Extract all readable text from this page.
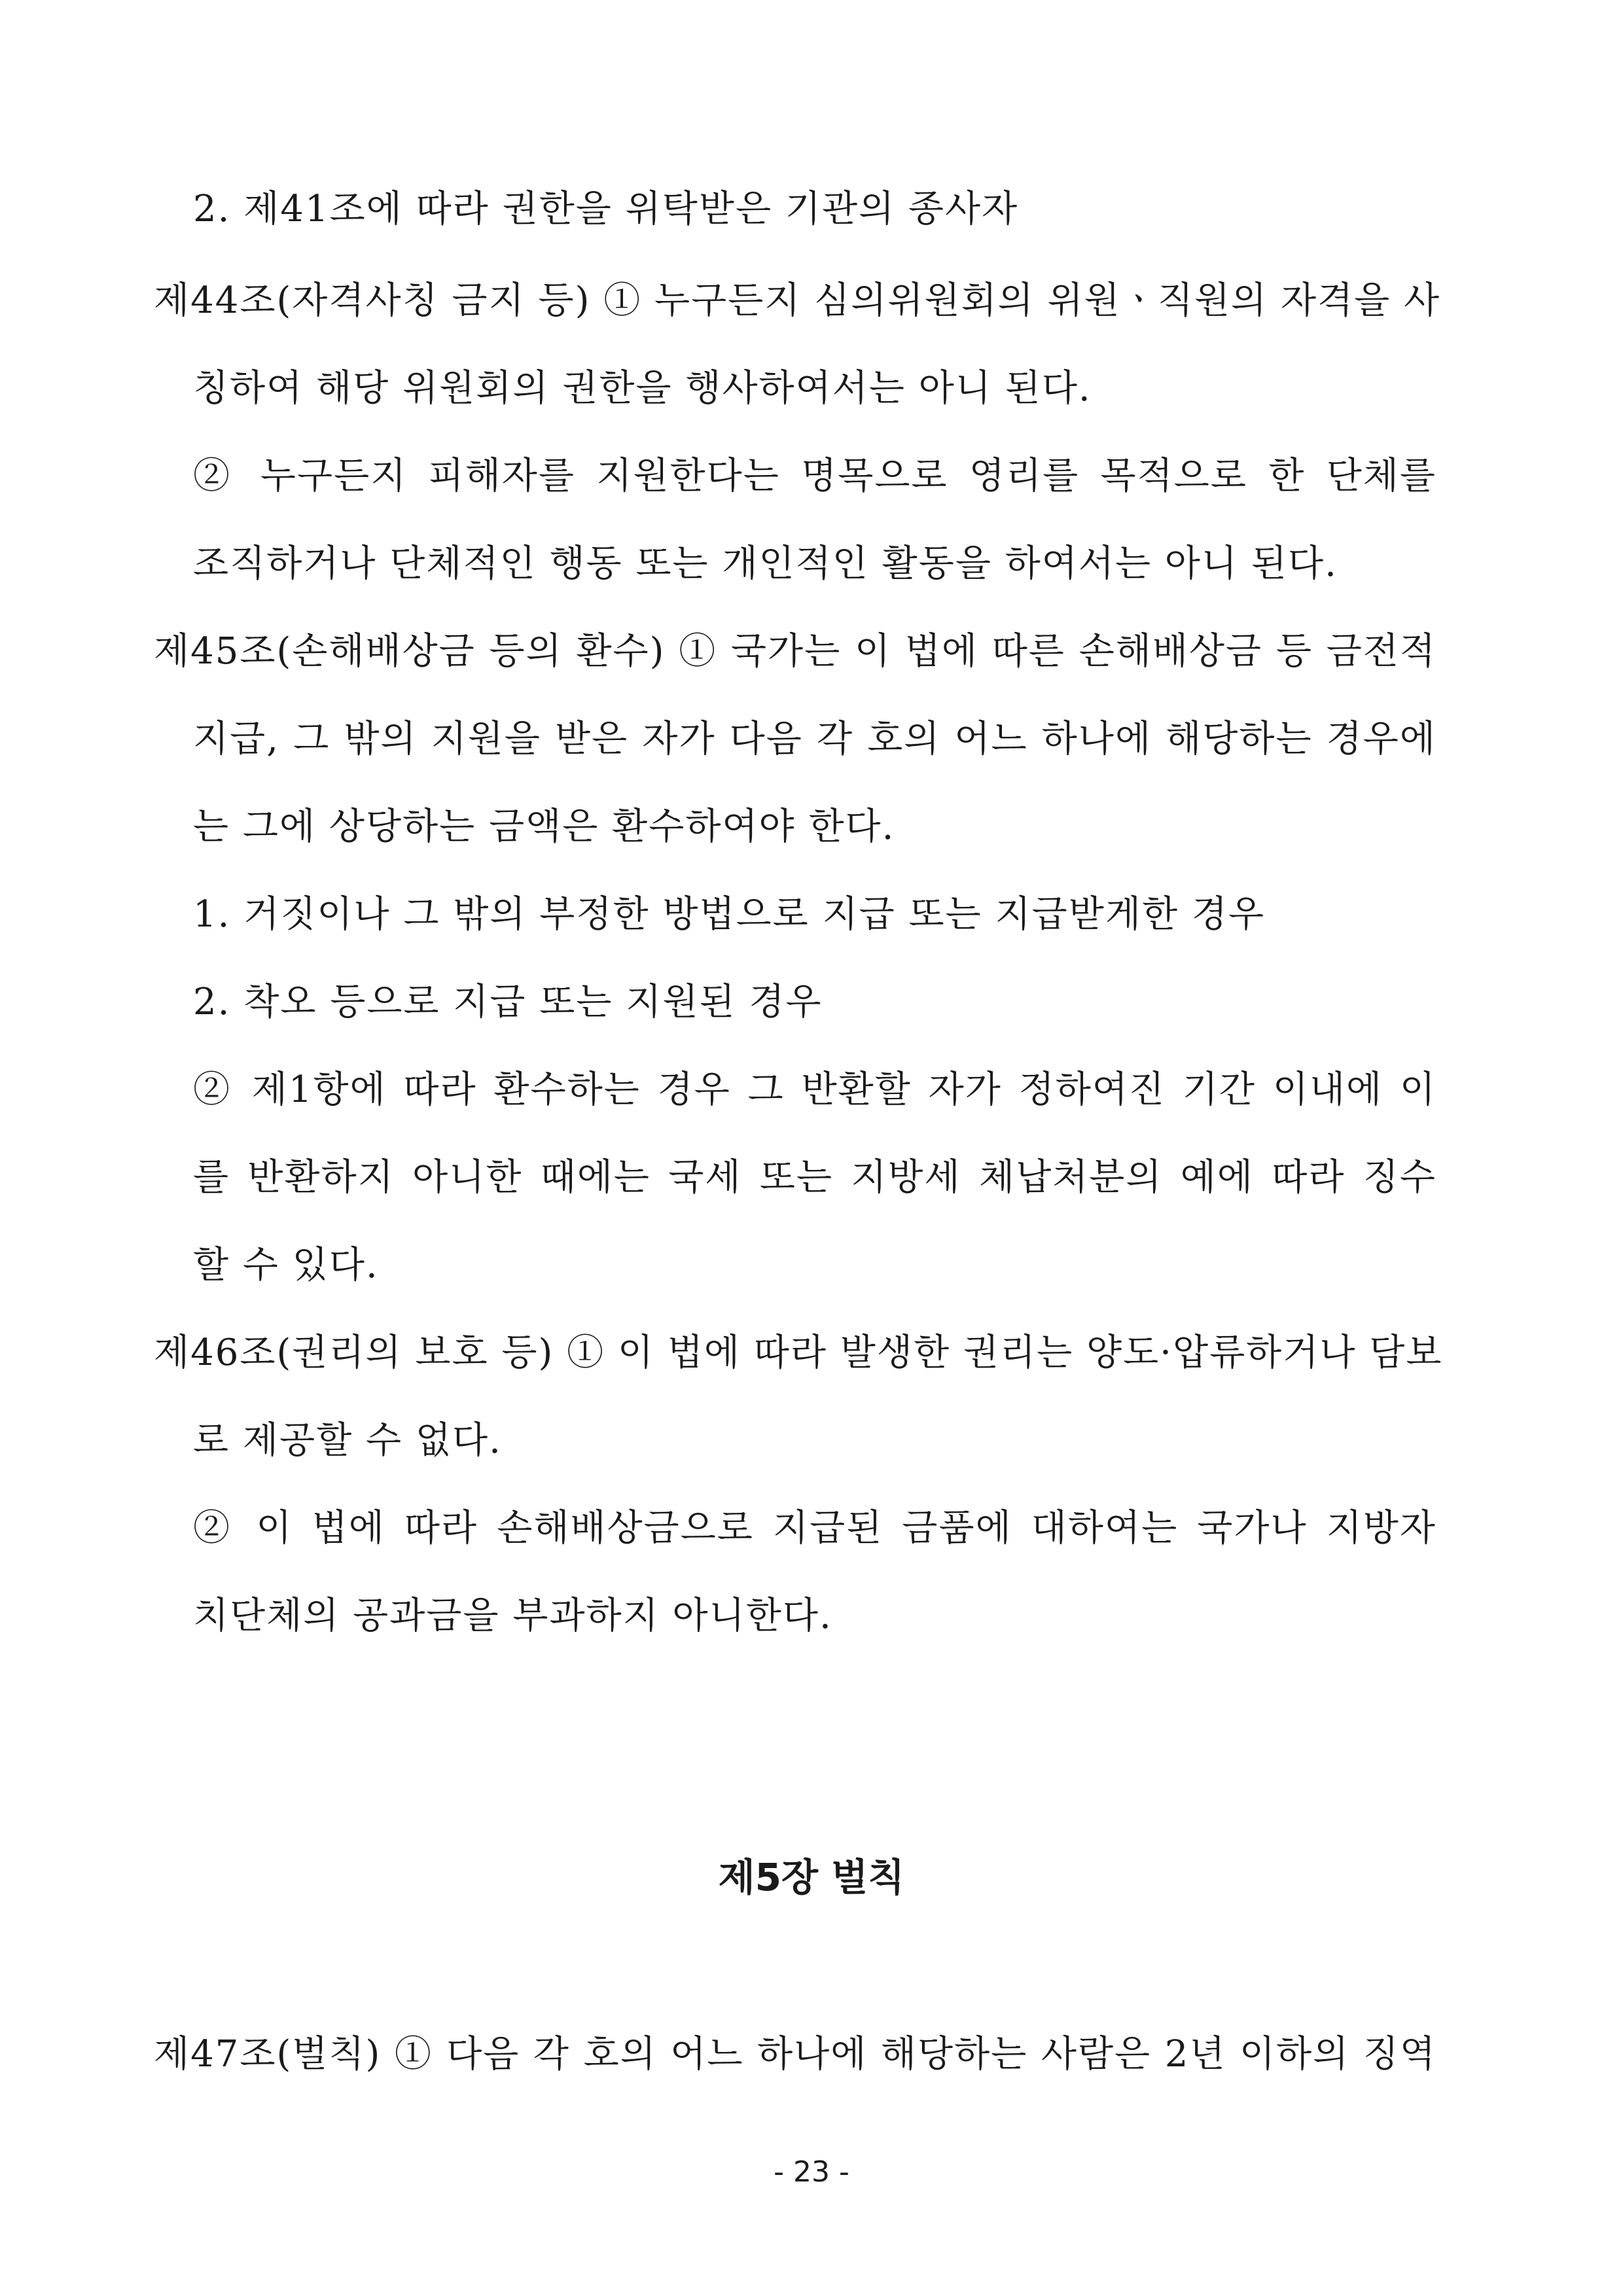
2. 제41조에 따라 권한을 위탁받은 기관의 종사자
제44조(자격사칭 금지 등) ① 누구든지 심의위원회의 위원ㆍ직원의 자격을 사
칭하여 해당 위원회의 권한을 행사하여서는 아니 된다.
② 누구든지 피해자를 지원한다는 명목으로 영리를 목적으로 한 단체를
조직하거나 단체적인 행동 또는 개인적인 활동을 하여서는 아니 된다.
제45조(손해배상금 등의 환수) ① 국가는 이 법에 따른 손해배상금 등 금전적
지급, 그 밖의 지원을 받은 자가 다음 각 호의 어느 하나에 해당하는 경우에
는 그에 상당하는 금액은 환수하여야 한다.
1. 거짓이나 그 밖의 부정한 방법으로 지급 또는 지급받게한 경우
2. 착오 등으로 지급 또는 지원된 경우
② 제1항에 따라 환수하는 경우 그 반환할 자가 정하여진 기간 이내에 이
를 반환하지 아니한 때에는 국세 또는 지방세 체납처분의 예에 따라 징수
할 수 있다.
제46조(권리의 보호 등) ① 이 법에 따라 발생한 권리는 양도·압류하거나 담보
로 제공할 수 없다.
② 이 법에 따라 손해배상금으로 지급된 금품에 대하여는 국가나 지방자
치단체의 공과금을 부과하지 아니한다.
제5장 벌칙
제47조(벌칙) ① 다음 각 호의 어느 하나에 해당하는 사람은 2년 이하의 징역
- 23 -
